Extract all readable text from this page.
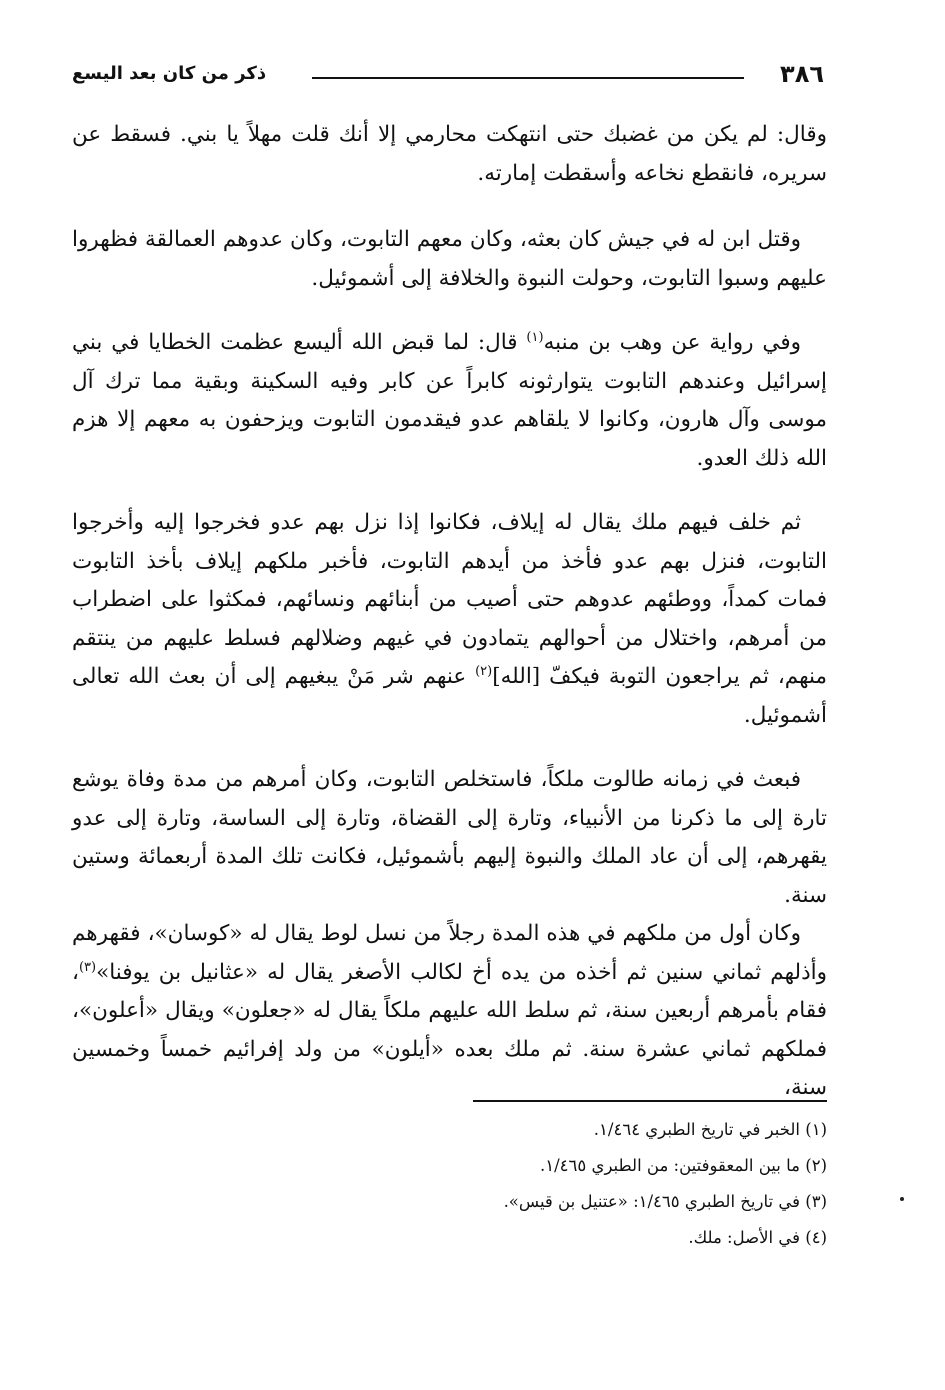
٣٨٦
ذكر من كان بعد اليسع

وقال: لم يكن من غضبك حتى انتهكت محارمي إلا أنك قلت مهلاً يا بني. فسقط عن سريره، فانقطع نخاعه وأسقطت إمارته.

وقتل ابن له في جيش كان بعثه، وكان معهم التابوت، وكان عدوهم العمالقة فظهروا عليهم وسبوا التابوت، وحولت النبوة والخلافة إلى أشموئيل.

وفي رواية عن وهب بن منبه$^{(١)}$ قال: لما قبض الله أليسع عظمت الخطايا في بني إسرائيل وعندهم التابوت يتوارثونه كابراً عن كابر وفيه السكينة وبقية مما ترك آل موسى وآل هارون، وكانوا لا يلقاهم عدو فيقدمون التابوت ويزحفون به معهم إلا هزم الله ذلك العدو.

ثم خلف فيهم ملك يقال له إيلاف، فكانوا إذا نزل بهم عدو فخرجوا إليه وأخرجوا التابوت، فنزل بهم عدو فأخذ من أيدهم التابوت، فأخبر ملكهم إيلاف بأخذ التابوت فمات كمداً، ووطئهم عدوهم حتى أصيب من أبنائهم ونسائهم، فمكثوا على اضطراب من أمرهم، واختلال من أحوالهم يتمادون في غيهم وضلالهم فسلط عليهم من ينتقم منهم، ثم يراجعون التوبة فيكفّ [الله]$^{(٢)}$ عنهم شر مَنْ يبغيهم إلى أن بعث الله تعالى أشموئيل.

فبعث في زمانه طالوت ملكاً، فاستخلص التابوت، وكان أمرهم من مدة وفاة يوشع تارة إلى ما ذكرنا من الأنبياء، وتارة إلى القضاة، وتارة إلى الساسة، وتارة إلى عدو يقهرهم، إلى أن عاد الملك والنبوة إليهم بأشموئيل، فكانت تلك المدة أربعمائة وستين سنة.

وكان أول من ملكهم في هذه المدة رجلاً من نسل لوط يقال له «كوسان»، فقهرهم وأذلهم ثماني سنين ثم أخذه من يده أخ لكالب الأصغر يقال له «عثانيل بن يوفنا»$^{(٣)}$، فقام بأمرهم أربعين سنة، ثم سلط الله عليهم ملكاً يقال له «جعلون» ويقال «أعلون»، فملكهم ثماني عشرة سنة. ثم ملك بعده «أيلون» من ولد إفرائيم خمساً وخمسين سنة،

(١) الخبر في تاريخ الطبري ١/٤٦٤.

(٢) ما بين المعقوفتين: من الطبري ١/٤٦٥.

(٣) في تاريخ الطبري ١/٤٦٥: «عتنيل بن قيس».

(٤) في الأصل: ملك.
